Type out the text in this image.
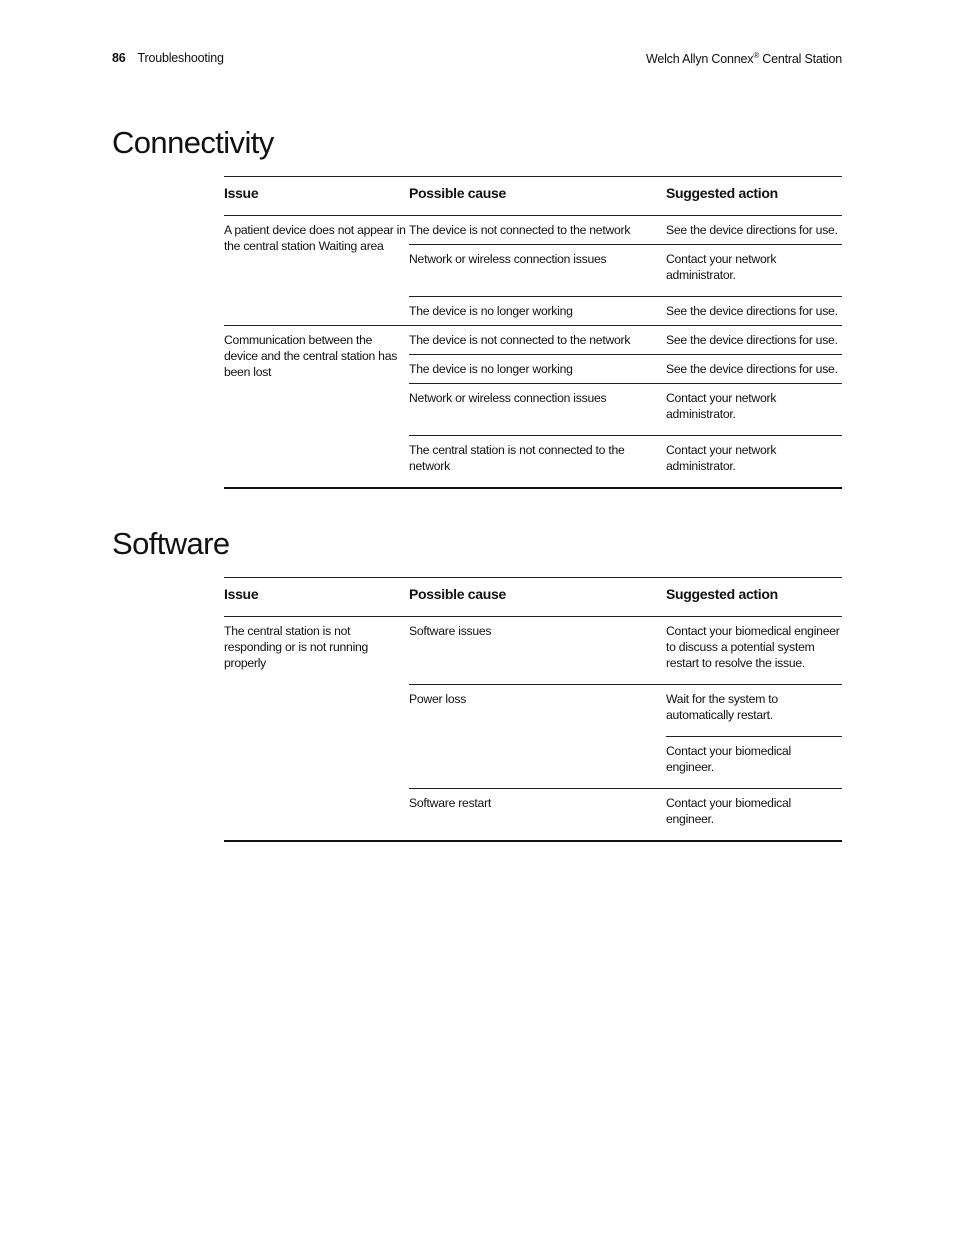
86 Troubleshooting	Welch Allyn Connex® Central Station
Connectivity
Issue	Possible cause	Suggested action
A patient device does not appear in the central station Waiting area	The device is not connected to the network	See the device directions for use.
	Network or wireless connection issues	Contact your network administrator.
	The device is no longer working	See the device directions for use.
Communication between the device and the central station has been lost	The device is not connected to the network	See the device directions for use.
	The device is no longer working	See the device directions for use.
	Network or wireless connection issues	Contact your network administrator.
	The central station is not connected to the network	Contact your network administrator.
Software
Issue	Possible cause	Suggested action
The central station is not responding or is not running properly	Software issues	Contact your biomedical engineer to discuss a potential system restart to resolve the issue.
	Power loss	Wait for the system to automatically restart.
		Contact your biomedical engineer.
	Software restart	Contact your biomedical engineer.
